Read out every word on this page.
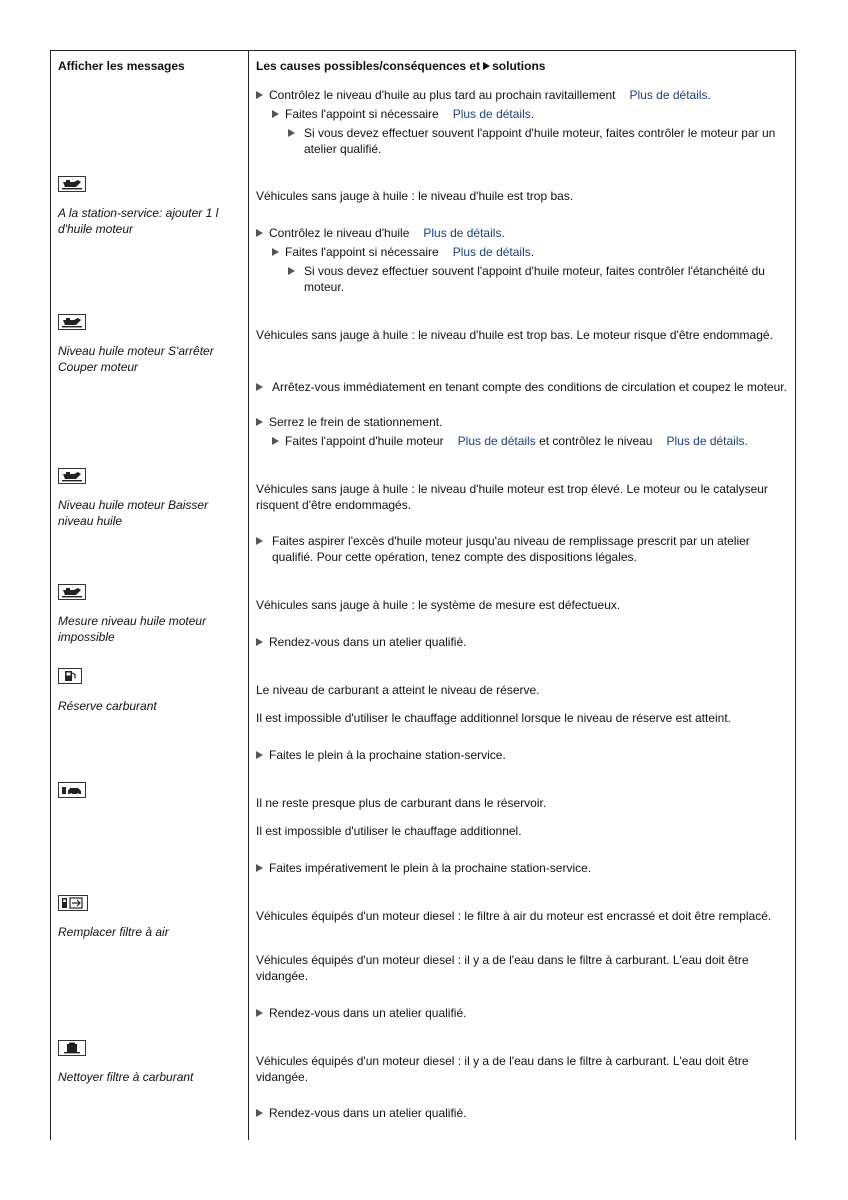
Afficher les messages	Les causes possibles/conséquences et solutions
Contrôlez le niveau d'huile au plus tard au prochain ravitaillement Plus de détails.
Faites l'appoint si nécessaire Plus de détails.
Si vous devez effectuer souvent l'appoint d'huile moteur, faites contrôler le moteur par un atelier qualifié.
A la station-service: ajouter 1 l d'huile moteur
Véhicules sans jauge à huile : le niveau d'huile est trop bas.
Contrôlez le niveau d'huile Plus de détails.
Faites l'appoint si nécessaire Plus de détails.
Si vous devez effectuer souvent l'appoint d'huile moteur, faites contrôler l'étanchéité du moteur.
Niveau huile moteur S'arrêter Couper moteur
Véhicules sans jauge à huile : le niveau d'huile est trop bas. Le moteur risque d'être endommagé.
Arrêtez-vous immédiatement en tenant compte des conditions de circulation et coupez le moteur.
Serrez le frein de stationnement.
Faites l'appoint d'huile moteur Plus de détails et contrôlez le niveau Plus de détails.
Niveau huile moteur Baisser niveau huile
Véhicules sans jauge à huile : le niveau d'huile moteur est trop élevé. Le moteur ou le catalyseur risquent d'être endommagés.
Faites aspirer l'excès d'huile moteur jusqu'au niveau de remplissage prescrit par un atelier qualifié. Pour cette opération, tenez compte des dispositions légales.
Mesure niveau huile moteur impossible
Véhicules sans jauge à huile : le système de mesure est défectueux.
Rendez-vous dans un atelier qualifié.
Réserve carburant
Le niveau de carburant a atteint le niveau de réserve.
Il est impossible d'utiliser le chauffage additionnel lorsque le niveau de réserve est atteint.
Faites le plein à la prochaine station-service.
Il ne reste presque plus de carburant dans le réservoir.
Il est impossible d'utiliser le chauffage additionnel.
Faites impérativement le plein à la prochaine station-service.
Remplacer filtre à air
Véhicules équipés d'un moteur diesel : le filtre à air du moteur est encrassé et doit être remplacé.
Véhicules équipés d'un moteur diesel : il y a de l'eau dans le filtre à carburant. L'eau doit être vidangée.
Rendez-vous dans un atelier qualifié.
Nettoyer filtre à carburant
Véhicules équipés d'un moteur diesel : il y a de l'eau dans le filtre à carburant. L'eau doit être vidangée.
Rendez-vous dans un atelier qualifié.
